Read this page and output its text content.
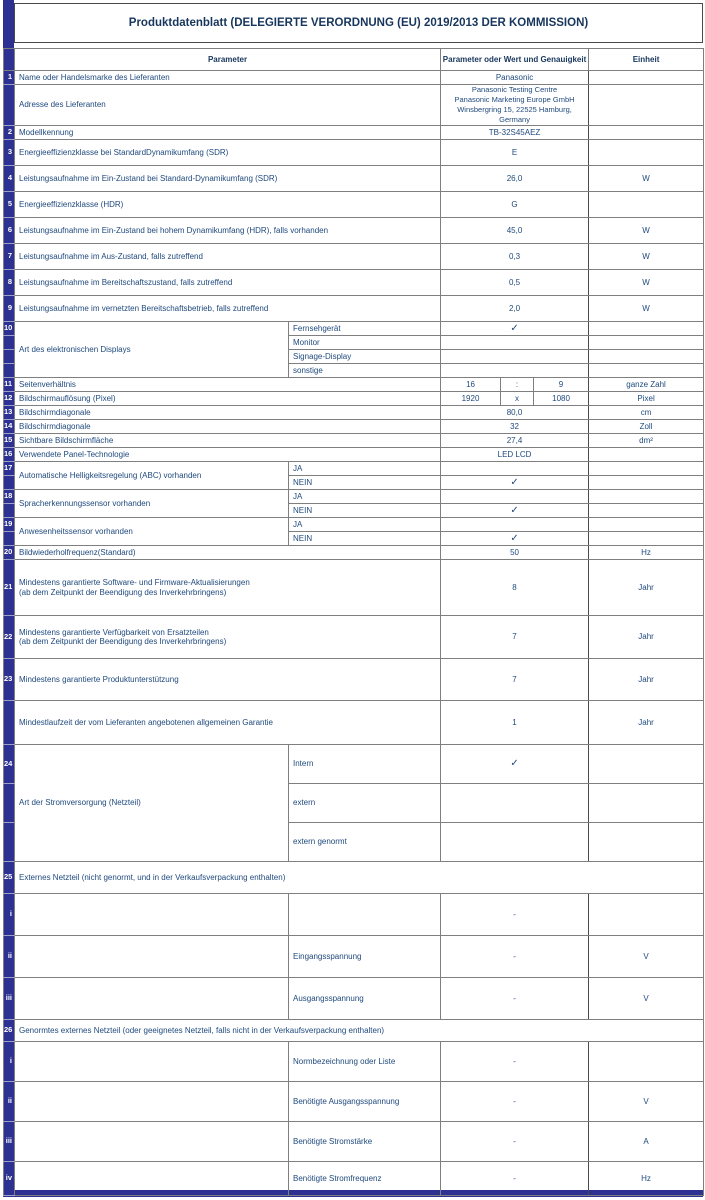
Produktdatenblatt (DELEGIERTE VERORDNUNG (EU) 2019/2013 DER KOMMISSION)
	Parameter		Parameter oder Wert und Genauigkeit			Einheit
1	Name oder Handelsmarke des Lieferanten		Panasonic			
	Adresse des Lieferanten		Panasonic Testing Centre
Panasonic Marketing Europe GmbH
Winsbergring 15, 22525 Hamburg,
Germany			

2	Modellkennung		TB-32S45AEZ			
3	Energieeffizienzklasse bei StandardDynamikumfang (SDR)		E			
4	Leistungsaufnahme im Ein-Zustand bei Standard-Dynamikumfang (SDR)		26,0			W
5	Energieeffizienzklasse (HDR)		G			
6	Leistungsaufnahme im Ein-Zustand bei hohem Dynamikumfang (HDR), falls vorhanden		45,0			W
7	Leistungsaufnahme im Aus-Zustand, falls zutreffend		0,3			W
8	Leistungsaufnahme im Bereitschaftszustand, falls zutreffend		0,5			W
9	Leistungsaufnahme im vernetzten Bereitschaftsbetrieb, falls zutreffend		2,0			W
10	Art des elektronischen Displays	Fernsehgerät	✓			
		Monitor				
		Signage-Display				
		sonstige				
11	Seitenverhältnis		16	:	9	ganze Zahl
12	Bildschirmauflösung (Pixel)		1920	x	1080	Pixel
13	Bildschirmdiagonale		80,0			cm
14	Bildschirmdiagonale		32			Zoll
15	Sichtbare Bildschirmfläche		27,4			dm²
16	Verwendete Panel-Technologie		LED LCD			
17	Automatische Helligkeitsregelung (ABC) vorhanden	JA				
		NEIN	✓			
18	Spracherkennungssensor vorhanden	JA				
		NEIN	✓			
19	Anwesenheitssensor vorhanden	JA				
		NEIN	✓			
20	Bildwiederholfrequenz(Standard)		50			Hz
21	Mindestens garantierte Software- und Firmware-Aktualisierungen
(ab dem Zeitpunkt der Beendigung des Inverkehrbringens)		8			Jahr
22	Mindestens garantierte Verfügbarkeit von Ersatzteilen
(ab dem Zeitpunkt der Beendigung des Inverkehrbringens)		7			Jahr
23	Mindestens garantierte Produktunterstützung		7			Jahr
	Mindestlaufzeit der vom Lieferanten angebotenen allgemeinen Garantie		1			Jahr
24	Art der Stromversorgung (Netzteil)	Intern	✓			
		extern				
		extern genormt				
25	Externes Netzteil (nicht genormt, und in der Verkaufsverpackung enthalten)					
i			-			
ii		Eingangsspannung	-			V
iii		Ausgangsspannung	-			V
26	Genormtes externes Netzteil (oder geeignetes Netzteil, falls nicht in der Verkaufsverpackung enthalten)					
i		Normbezeichnung oder Liste	-			
ii		Benötigte Ausgangsspannung	-			V
iii		Benötigte Stromstärke	-			A
iv		Benötigte Stromfrequenz	-			Hz
